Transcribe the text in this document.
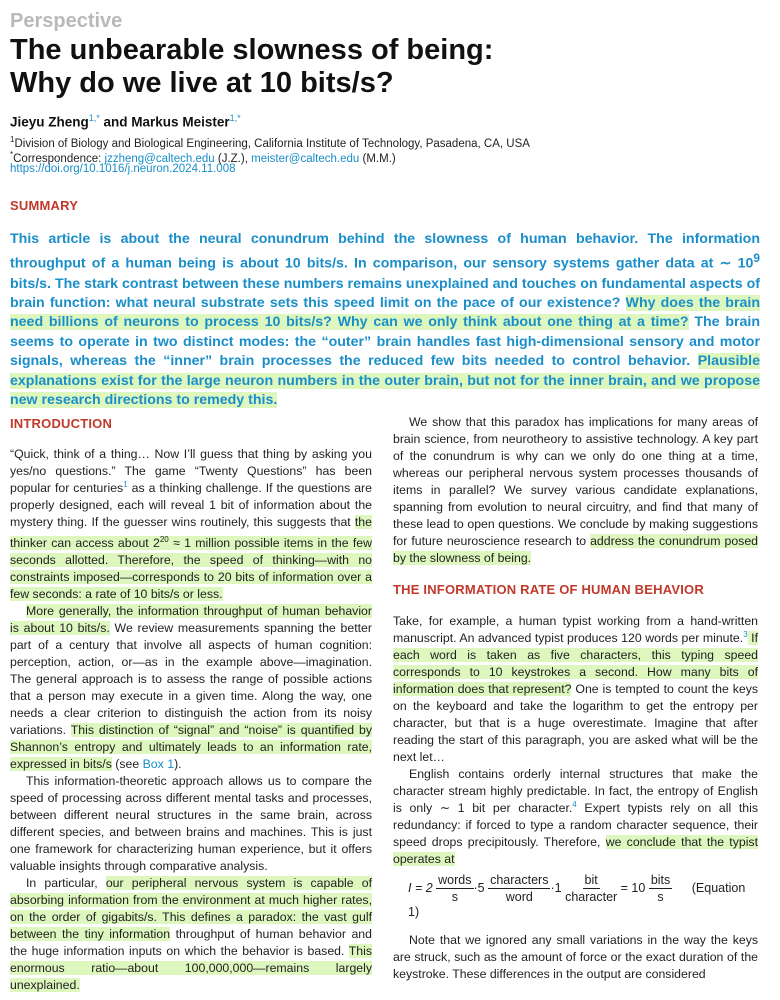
Perspective
The unbearable slowness of being:
Why do we live at 10 bits/s?
Jieyu Zheng$^{1,*}$ and Markus Meister$^{1,*}$
$^1$Division of Biology and Biological Engineering, California Institute of Technology, Pasadena, CA, USA
*Correspondence: jzzheng@caltech.edu (J.Z.), meister@caltech.edu (M.M.)
https://doi.org/10.1016/j.neuron.2024.11.008
SUMMARY
This article is about the neural conundrum behind the slowness of human behavior. The information throughput of a human being is about 10 bits/s. In comparison, our sensory systems gather data at ∼ $10^9$ bits/s. The stark contrast between these numbers remains unexplained and touches on fundamental aspects of brain function: what neural substrate sets this speed limit on the pace of our existence? Why does the brain need billions of neurons to process 10 bits/s? Why can we only think about one thing at a time? The brain seems to operate in two distinct modes: the “outer” brain handles fast high-dimensional sensory and motor signals, whereas the “inner” brain processes the reduced few bits needed to control behavior. Plausible explanations exist for the large neuron numbers in the outer brain, but not for the inner brain, and we propose new research directions to remedy this.
INTRODUCTION

“Quick, think of a thing… Now I’ll guess that thing by asking you yes/no questions.” The game “Twenty Questions” has been popular for centuries$^1$ as a thinking challenge. If the questions are properly designed, each will reveal 1 bit of information about the mystery thing. If the guesser wins routinely, this suggests that the thinker can access about $2^{20} \approx 1$ million possible items in the few seconds allotted. Therefore, the speed of thinking—with no constraints imposed—corresponds to 20 bits of information over a few seconds: a rate of 10 bits/s or less.

More generally, the information throughput of human behavior is about 10 bits/s. We review measurements spanning the better part of a century that involve all aspects of human cognition: perception, action, or—as in the example above—imagination. The general approach is to assess the range of possible actions that a person may execute in a given time. Along the way, one needs a clear criterion to distinguish the action from its noisy variations. This distinction of “signal” and “noise” is quantified by Shannon’s entropy and ultimately leads to an information rate, expressed in bits/s (see Box 1).

This information-theoretic approach allows us to compare the speed of processing across different mental tasks and processes, between different neural structures in the same brain, across different species, and between brains and machines. This is just one framework for characterizing human experience, but it offers valuable insights through comparative analysis.

In particular, our peripheral nervous system is capable of absorbing information from the environment at much higher rates, on the order of gigabits/s. This defines a paradox: the vast gulf between the tiny information throughput of human behavior and the huge information inputs on which the behavior is based. This enormous ratio—about 100,000,000—remains largely unexplained.

We show that this paradox has implications for many areas of brain science, from neurotheory to assistive technology. A key part of the conundrum is why can we only do one thing at a time, whereas our peripheral nervous system processes thousands of items in parallel? We survey various candidate explanations, spanning from evolution to neural circuitry, and find that many of these lead to open questions. We conclude by making suggestions for future neuroscience research to address the conundrum posed by the slowness of being.

THE INFORMATION RATE OF HUMAN BEHAVIOR

Take, for example, a human typist working from a hand-written manuscript. An advanced typist produces 120 words per minute.$^3$ If each word is taken as five characters, this typing speed corresponds to 10 keystrokes a second. How many bits of information does that represent? One is tempted to count the keys on the keyboard and take the logarithm to get the entropy per character, but that is a huge overestimate. Imagine that after reading the start of this paragraph, you are asked what will be the next let…

English contains orderly internal structures that make the character stream highly predictable. In fact, the entropy of English is only ∼ 1 bit per character.$^4$ Expert typists rely on all this redundancy: if forced to type a random character sequence, their speed drops precipitously. Therefore, we conclude that the typist operates at

$I = 2 \frac{\text{words}}{s} \cdot 5 \frac{\text{characters}}{\text{word}} \cdot 1 \frac{\text{bit}}{\text{character}} = 10 \frac{\text{bits}}{s}$ (Equation 1)

Note that we ignored any small variations in the way the keys are struck, such as the amount of force or the exact duration of the keystroke. These differences in the output are considered
